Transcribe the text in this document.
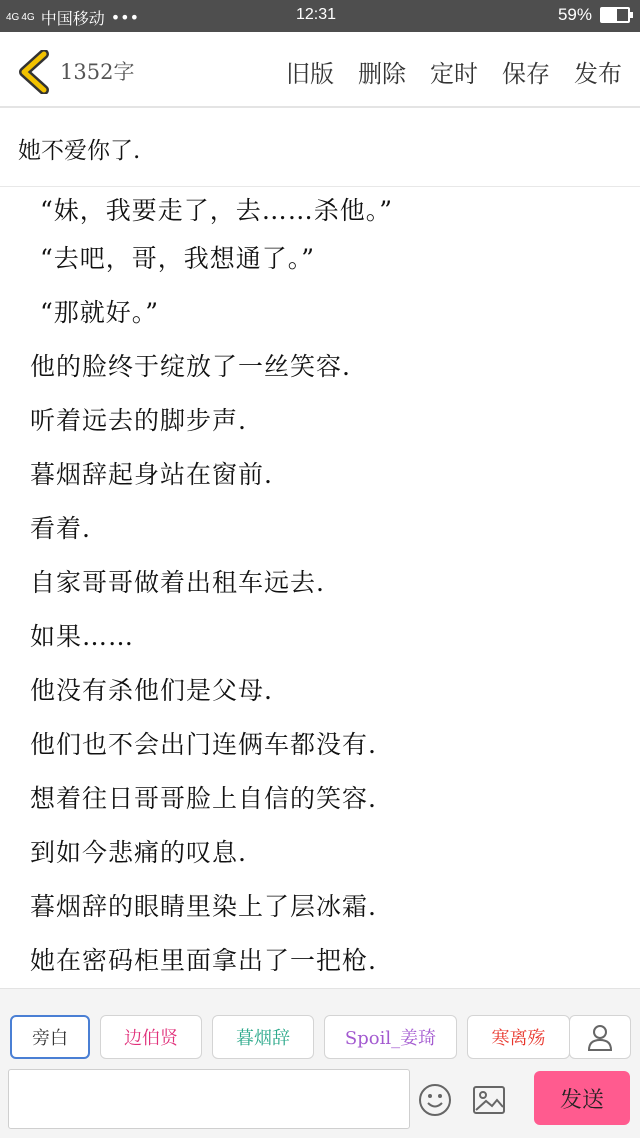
4G 4G 中国移动 •••	12:31	59%
1352字	旧版 删除 定时 保存 发布
她不爱你了.
“妹，我要走了，去……杀他。”
“去吧，哥，我想通了。”
“那就好。”
他的脸终于绽放了一丝笑容.
听着远去的脚步声.
暮烟辞起身站在窗前.
看着.
自家哥哥做着出租车远去.
如果……
他没有杀他们是父母.
他们也不会出门连俩车都没有.
想着往日哥哥脸上自信的笑容.
到如今悲痛的叹息.
暮烟辞的眼睛里染上了层冰霜.
她在密码柜里面拿出了一把枪.
旁白	边伯贤	暮烟辞	Spoil_姜琦	寒离殇
发送
